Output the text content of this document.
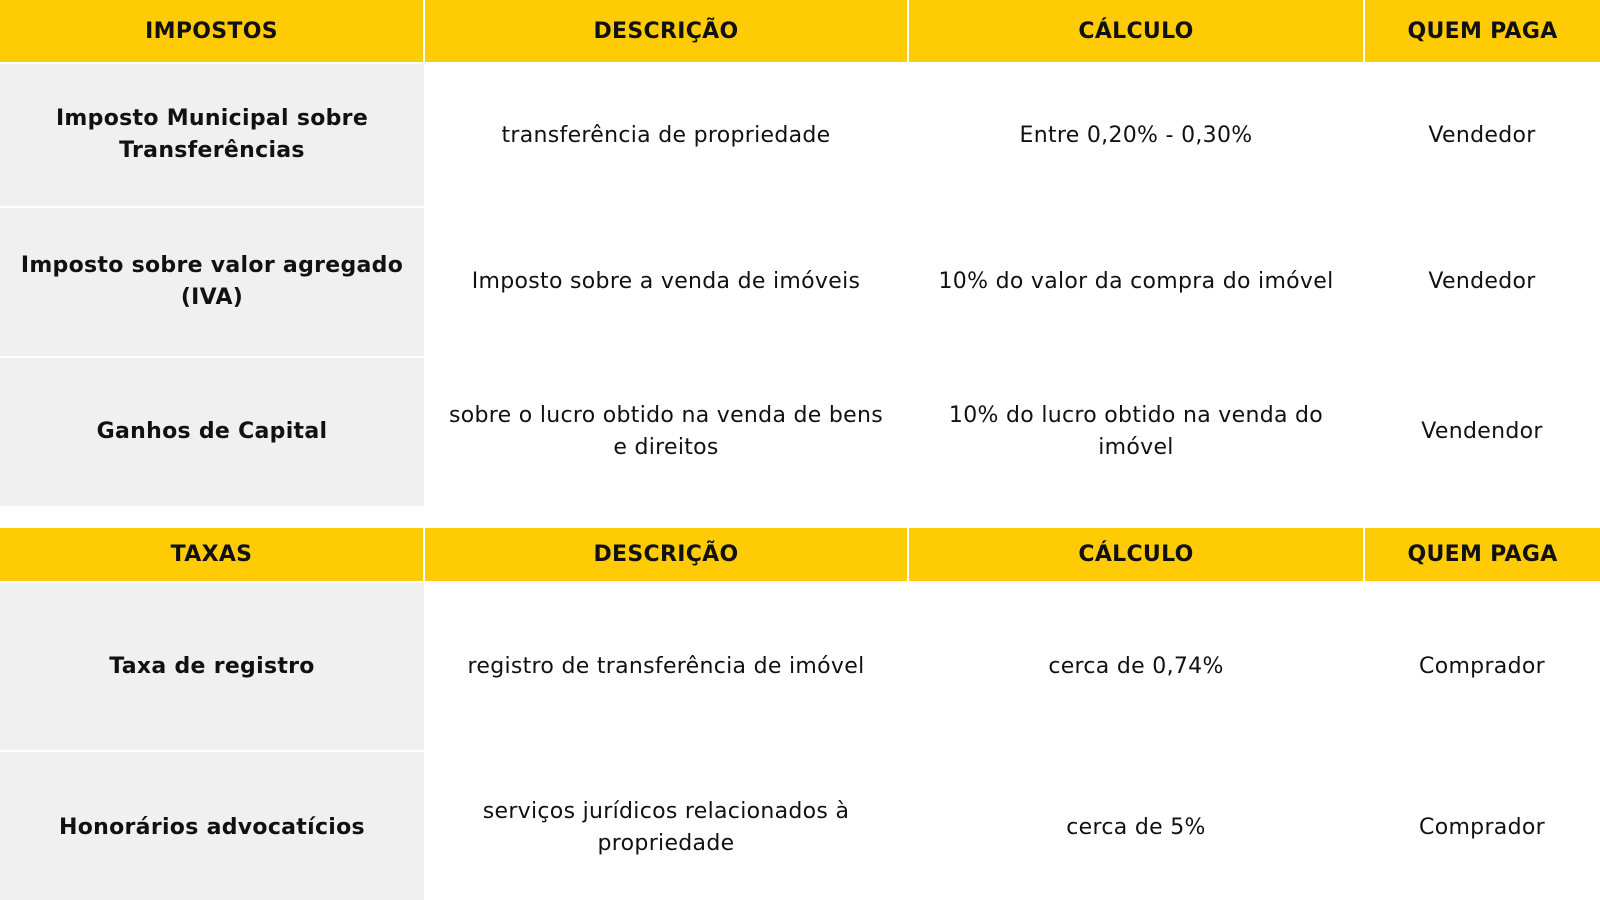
IMPOSTOS	DESCRIÇÃO	CÁLCULO	QUEM PAGA
Imposto Municipal sobre Transferências	transferência de propriedade	Entre 0,20% - 0,30%	Vendedor
Imposto sobre valor agregado (IVA)	Imposto sobre a venda de imóveis	10% do valor da compra do imóvel	Vendedor
Ganhos de Capital	sobre o lucro obtido na venda de bens e direitos	10% do lucro obtido na venda do imóvel	Vendendor
TAXAS	DESCRIÇÃO	CÁLCULO	QUEM PAGA
Taxa de registro	registro de transferência de imóvel	cerca de 0,74%	Comprador
Honorários advocatícios	serviços jurídicos relacionados à propriedade	cerca de 5%	Comprador
